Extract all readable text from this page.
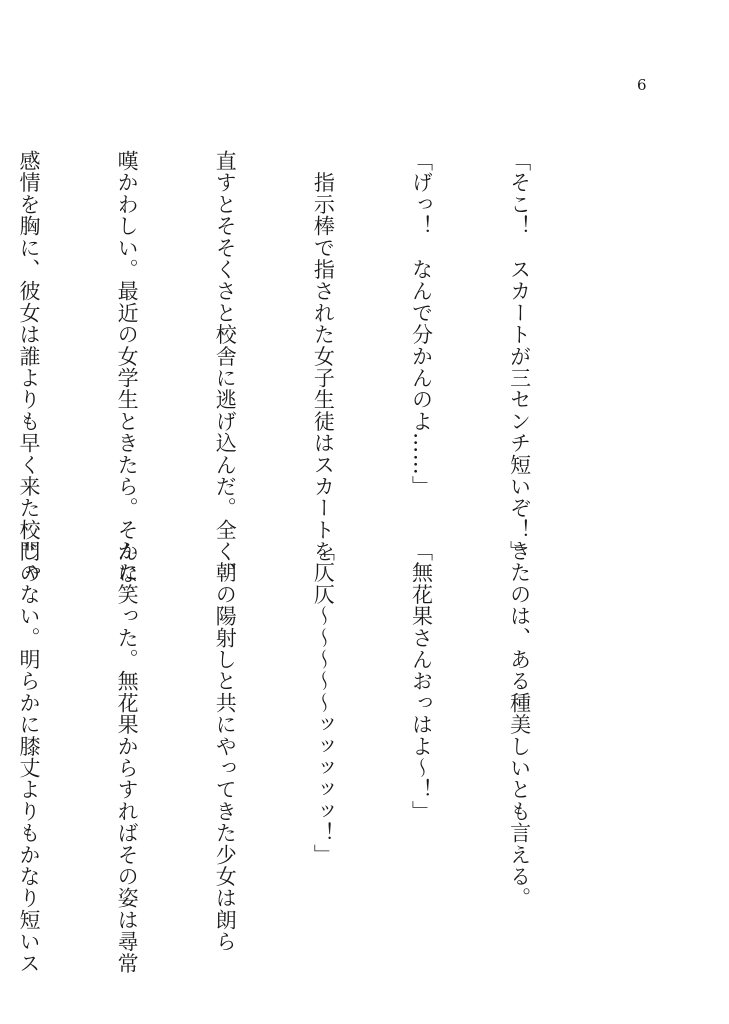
6

「そこ！　スカートが三センチ短いぞ！」

「げっ！　なんで分かんのよ……」

　指示棒で指された女子生徒はスカートを

直すとそそくさと校舎に逃げ込んだ。全く、

嘆かわしい。最近の女学生ときたら。そんな

感情を胸に、彼女は誰よりも早く来た校門の

きたのは、ある種美しいとも言える。

「無花果さんおっはよ～！」

「仄仄～～～～～ッッッッッ！」

　朝の陽射しと共にやってきた少女は朗ら

かに笑った。無花果からすればその姿は尋常

じゃない。明らかに膝丈よりもかなり短いス
